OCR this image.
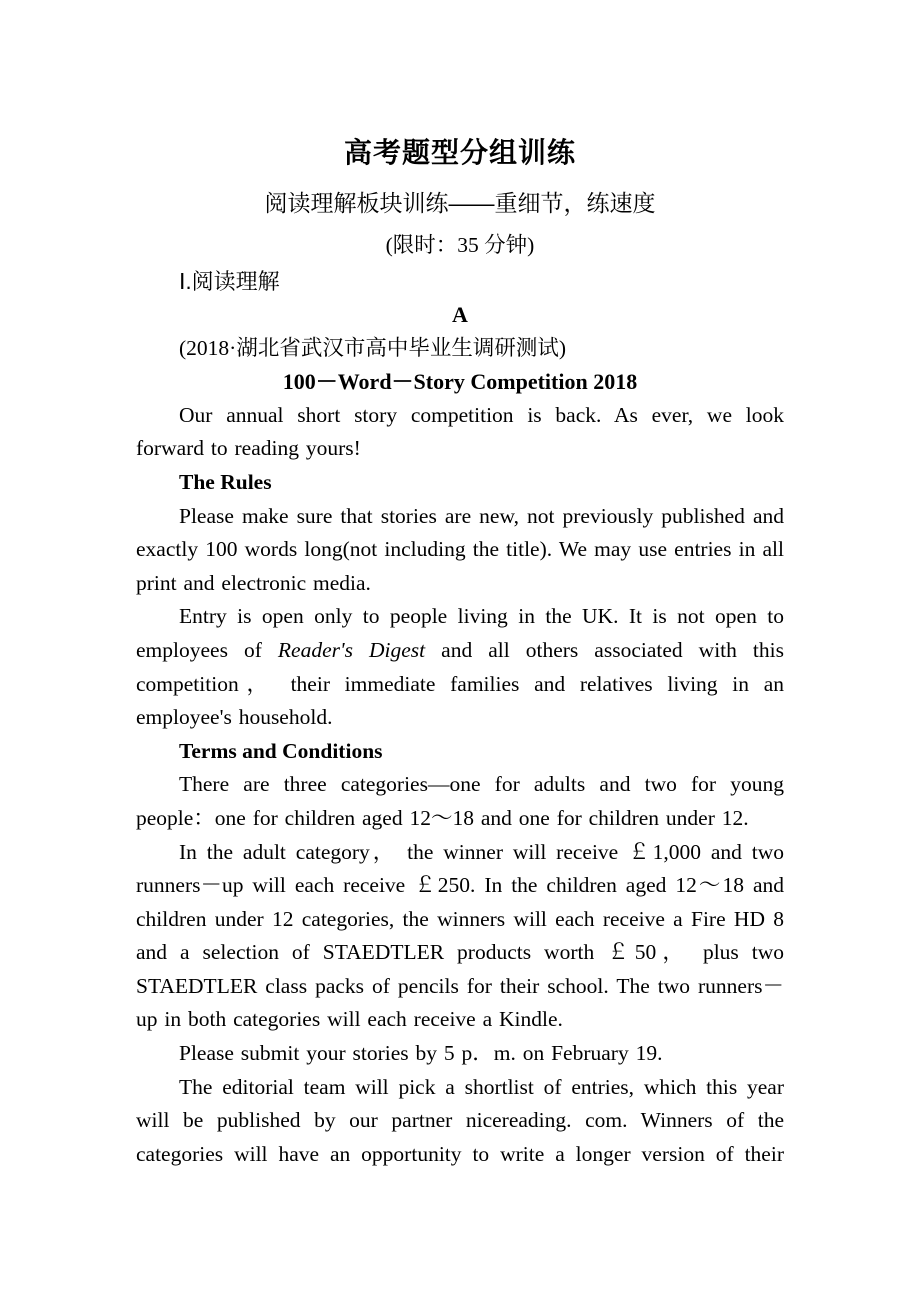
高考题型分组训练
阅读理解板块训练——重细节，练速度
(限时：35 分钟)
Ⅰ.阅读理解
A
(2018·湖北省武汉市高中毕业生调研测试)
100－Word－Story Competition 2018
Our annual short story competition is back. As ever, we look forward to reading yours!
The Rules
Please make sure that stories are new, not previously published and exactly 100 words long(not including the title). We may use entries in all print and electronic media.
Entry is open only to people living in the UK. It is not open to employees of Reader's Digest and all others associated with this competition， their immediate families and relatives living in an employee's household.
Terms and Conditions
There are three categories—one for adults and two for young people：one for children aged 12～18 and one for children under 12.
In the adult category， the winner will receive ￡1,000 and two runners－up will each receive ￡250. In the children aged 12～18 and children under 12 categories, the winners will each receive a Fire HD 8 and a selection of STAEDTLER products worth ￡50， plus two STAEDTLER class packs of pencils for their school. The two runners－up in both categories will each receive a Kindle.
Please submit your stories by 5 p．m. on February 19.
The editorial team will pick a shortlist of entries, which this year will be published by our partner nicereading. com. Winners of the categories will have an opportunity to write a longer version of their
